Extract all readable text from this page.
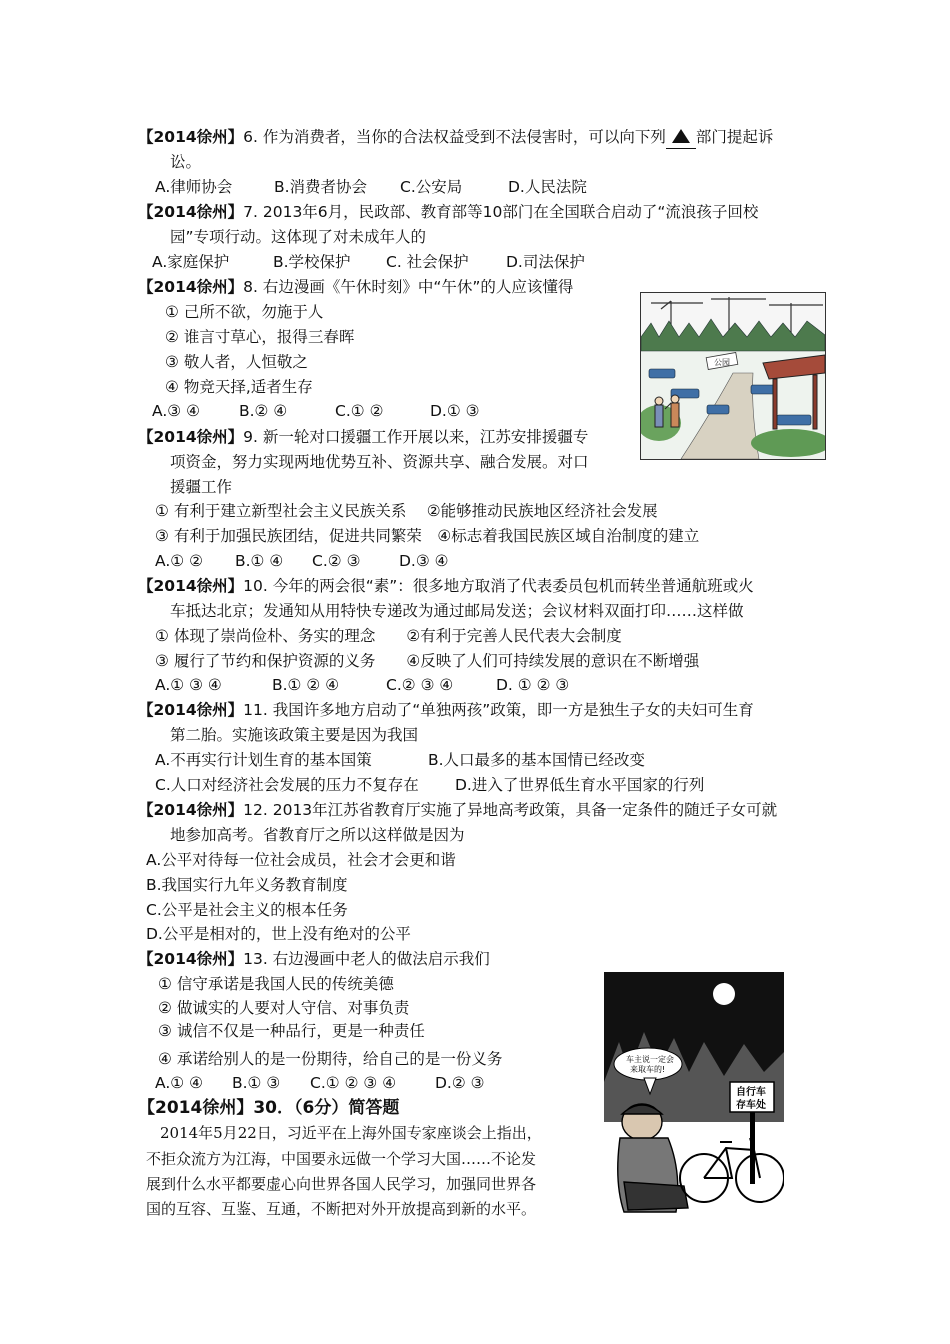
【2014徐州】6. 作为消费者，当你的合法权益受到不法侵害时，可以向下列 部门提起诉
讼。
A.律师协会	B.消费者协会 C.公安局	D.人民法院
【2014徐州】7. 2013年6月，民政部、教育部等10部门在全国联合启动了“流浪孩子回校
园”专项行动。这体现了对未成年人的
A.家庭保护	B.学校保护 C. 社会保护 D.司法保护
【2014徐州】8. 右边漫画《午休时刻》中“午休”的人应该懂得
① 己所不欲，勿施于人
② 谁言寸草心，报得三春晖
③ 敬人者，人恒敬之
④ 物竞天择,适者生存
A.③ ④	B.② ④	C.① ②	D.① ③
公园
【2014徐州】9. 新一轮对口援疆工作开展以来，江苏安排援疆专
项资金，努力实现两地优势互补、资源共享、融合发展。对口
援疆工作
① 有利于建立新型社会主义民族关系　 ②能够推动民族地区经济社会发展
③ 有利于加强民族团结，促进共同繁荣　④标志着我国民族区域自治制度的建立
A.① ② B.① ④ C.② ③ D.③ ④
【2014徐州】10. 今年的两会很“素”：很多地方取消了代表委员包机而转坐普通航班或火
车抵达北京；发通知从用特快专递改为通过邮局发送；会议材料双面打印……这样做
① 体现了崇尚俭朴、务实的理念　　②有利于完善人民代表大会制度
③ 履行了节约和保护资源的义务　　④反映了人们可持续发展的意识在不断增强
A.① ③ ④	B.① ② ④	C.② ③ ④	D. ① ② ③
【2014徐州】11. 我国许多地方启动了“单独两孩”政策，即一方是独生子女的夫妇可生育
第二胎。实施该政策主要是因为我国
A.不再实行计划生育的基本国策	B.人口最多的基本国情已经改变
C.人口对经济社会发展的压力不复存在 D.进入了世界低生育水平国家的行列
【2014徐州】12. 2013年江苏省教育厅实施了异地高考政策，具备一定条件的随迁子女可就
地参加高考。省教育厅之所以这样做是因为
A.公平对待每一位社会成员，社会才会更和谐
B.我国实行九年义务教育制度
C.公平是社会主义的根本任务
D.公平是相对的，世上没有绝对的公平
【2014徐州】13. 右边漫画中老人的做法启示我们
① 信守承诺是我国人民的传统美德
② 做诚实的人要对人守信、对事负责
③ 诚信不仅是一种品行，更是一种责任
④ 承诺给别人的是一份期待，给自己的是一份义务
A.① ④ B.① ③ C.① ② ③ ④	D.② ③
车主说一定会
来取车的!
自行车
存车处
【2014徐州】30．（6分）简答题
2014年5月22日，习近平在上海外国专家座谈会上指出，
不拒众流方为江海，中国要永远做一个学习大国……不论发
展到什么水平都要虚心向世界各国人民学习，加强同世界各
国的互容、互鉴、互通，不断把对外开放提高到新的水平。
